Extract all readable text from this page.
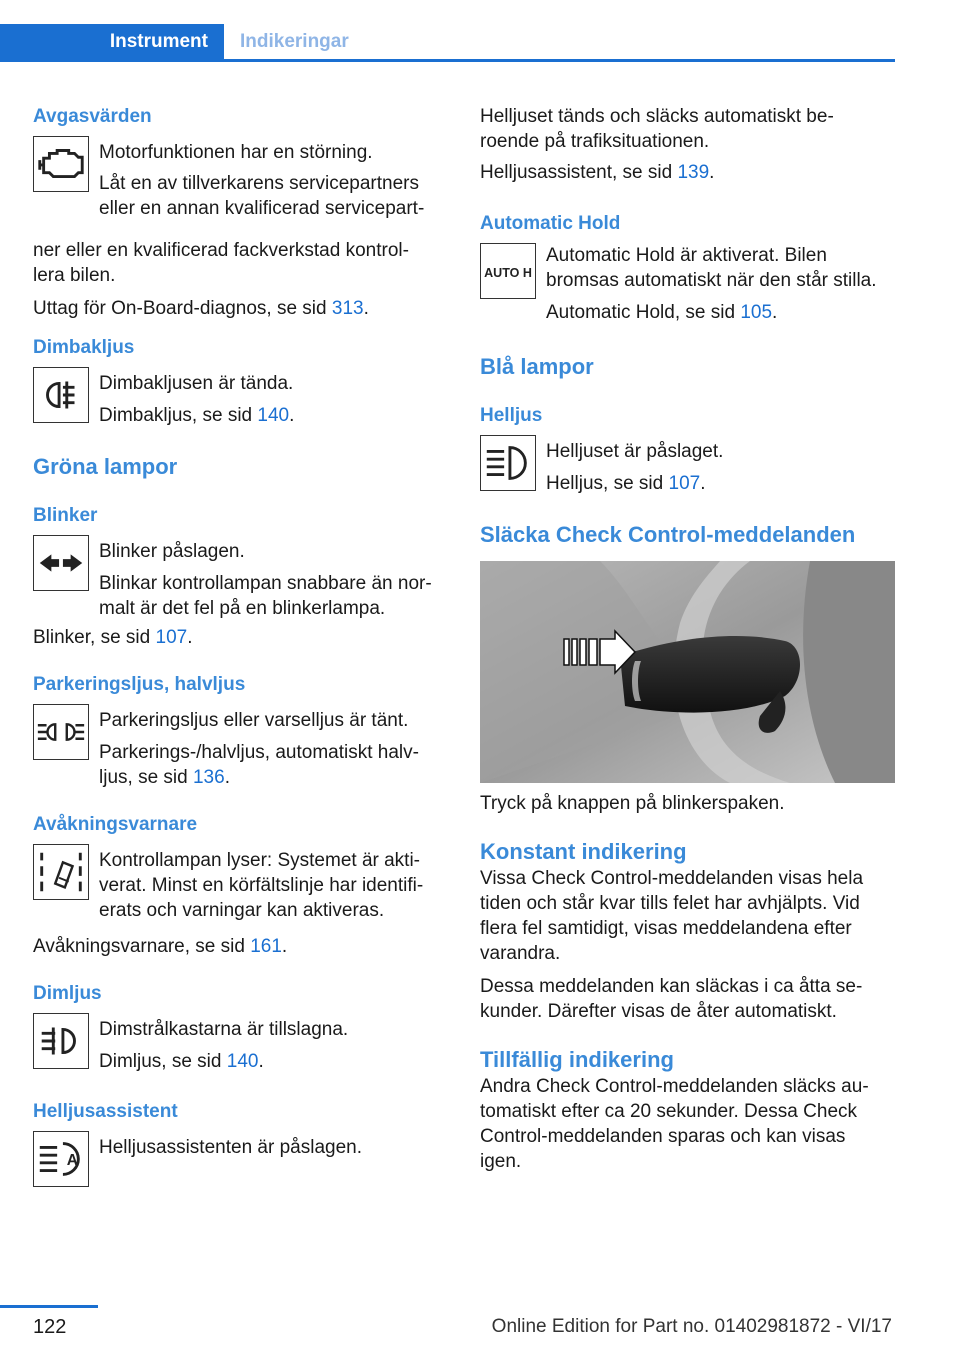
Instrument	Indikeringar
Avgasvärden

Motorfunktionen har en störning.

Låt en av tillverkarens servicepartners

eller en annan kvalificerad servicepart-

ner eller en kvalificerad fackverkstad kontrol-

lera bilen.

Uttag för On-Board-diagnos, se sid 313.

Dimbakljus

Dimbakljusen är tända.

Dimbakljus, se sid 140.

Gröna lampor
Blinker

Blinker påslagen.

Blinkar kontrollampan snabbare än nor-

malt är det fel på en blinkerlampa.

Blinker, se sid 107.

Parkeringsljus, halvljus

Parkeringsljus eller varselljus är tänt.

Parkerings-/halvljus, automatiskt halv-

ljus, se sid 136.

Avåkningsvarnare

Kontrollampan lyser: Systemet är akti-

verat. Minst en körfältslinje har identifi-

erats och varningar kan aktiveras.

Avåkningsvarnare, se sid 161.

Dimljus

Dimstrålkastarna är tillslagna.

Dimljus, se sid 140.

Helljusassistent
A

Helljusassistenten är påslagen.

Helljuset tänds och släcks automatiskt be-

roende på trafiksituationen.

Helljusassistent, se sid 139.

Automatic Hold
AUTO H

Automatic Hold är aktiverat. Bilen

bromsas automatiskt när den står stilla.

Automatic Hold, se sid 105.

Blå lampor
Helljus

Helljuset är påslaget.

Helljus, se sid 107.

Släcka Check Control-meddelanden

Tryck på knappen på blinkerspaken.

Konstant indikering

Vissa Check Control-meddelanden visas hela

tiden och står kvar tills felet har avhjälpts. Vid

flera fel samtidigt, visas meddelandena efter

varandra.

Dessa meddelanden kan släckas i ca åtta se-

kunder. Därefter visas de åter automatiskt.

Tillfällig indikering

Andra Check Control-meddelanden släcks au-

tomatiskt efter ca 20 sekunder. Dessa Check

Control-meddelanden sparas och kan visas

igen.

122	Online Edition for Part no. 01402981872 - VI/17
